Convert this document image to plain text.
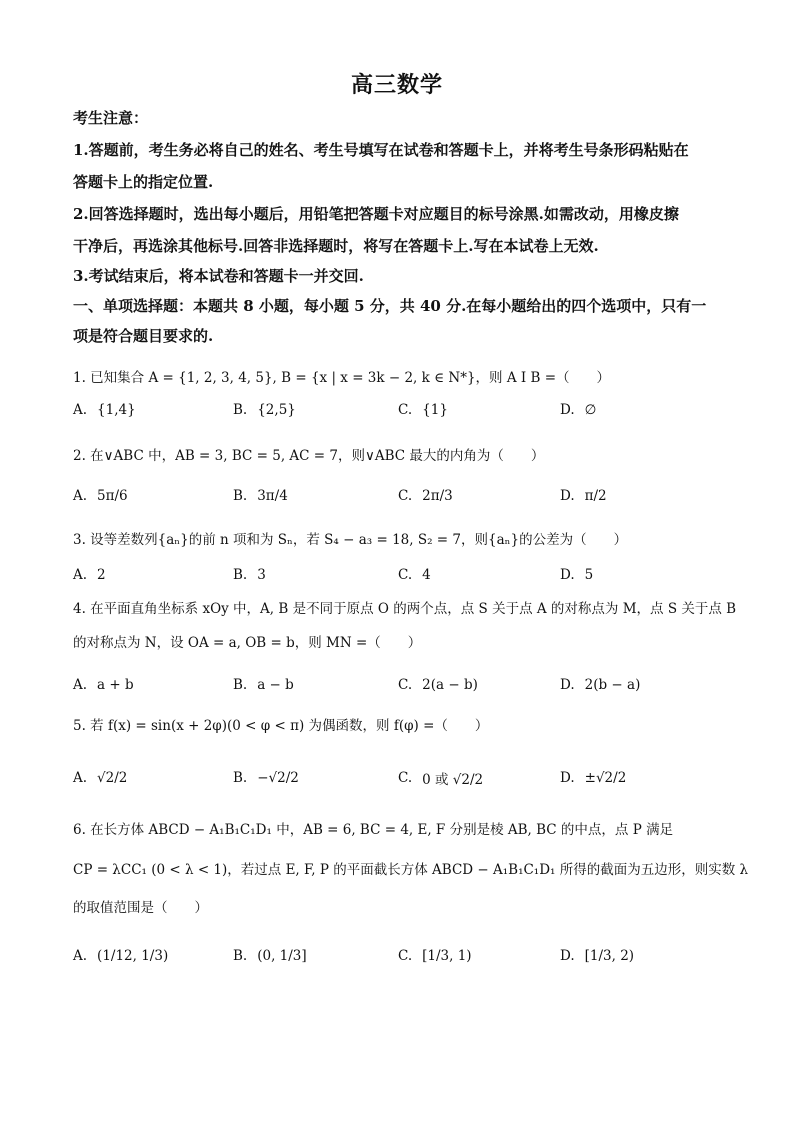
高三数学
考生注意：
1.答题前，考生务必将自己的姓名、考生号填写在试卷和答题卡上，并将考生号条形码粘贴在
答题卡上的指定位置.
2.回答选择题时，选出每小题后，用铅笔把答题卡对应题目的标号涂黑.如需改动，用橡皮擦
干净后，再选涂其他标号.回答非选择题时，将写在答题卡上.写在本试卷上无效.
3.考试结束后，将本试卷和答题卡一并交回.
一、单项选择题：本题共 8 小题，每小题 5 分，共 40 分.在每小题给出的四个选项中，只有一
项是符合题目要求的.
1. 已知集合 A = {1, 2, 3, 4, 5}, B = {x | x = 3k − 2, k ∈ N*}，则 A I B =（　　）
A. {1,4}	B. {2,5}	C. {1}	D. ∅
2. 在∨ABC 中，AB = 3, BC = 5, AC = 7，则∨ABC 最大的内角为（　　）
A. 5π/6	B. 3π/4	C. 2π/3	D. π/2
3. 设等差数列{aₙ}的前 n 项和为 Sₙ，若 S₄ − a₃ = 18, S₂ = 7，则{aₙ}的公差为（　　）
A. 2	B. 3	C. 4	D. 5
4. 在平面直角坐标系 xOy 中，A, B 是不同于原点 O 的两个点，点 S 关于点 A 的对称点为 M，点 S 关于点 B
的对称点为 N，设 OA = a, OB = b，则 MN =（　　）
A. a + b	B. a − b	C. 2(a − b)	D. 2(b − a)
5. 若 f(x) = sin(x + 2φ)(0 < φ < π) 为偶函数，则 f(φ) =（　　）
A. √2/2	B. −√2/2	C. 0 或 √2/2	D. ±√2/2
6. 在长方体 ABCD − A₁B₁C₁D₁ 中，AB = 6, BC = 4, E, F 分别是棱 AB, BC 的中点，点 P 满足
CP = λCC₁ (0 < λ < 1)，若过点 E, F, P 的平面截长方体 ABCD − A₁B₁C₁D₁ 所得的截面为五边形，则实数 λ
的取值范围是（　　）
A. (1/12, 1/3)	B. (0, 1/3]	C. [1/3, 1)	D. [1/3, 2)
